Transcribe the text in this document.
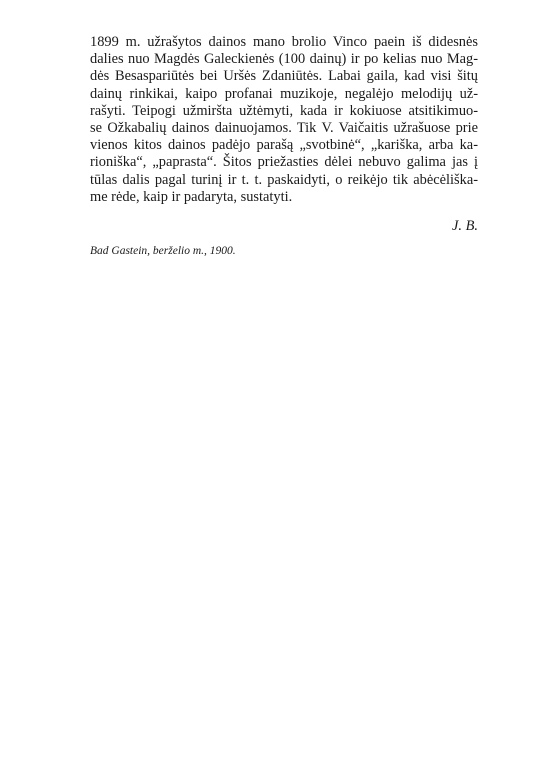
1899 m. užrašytos dainos mano brolio Vinco paein iš didesnės
dalies nuo Magdės Galeckienės (100 dainų) ir po kelias nuo Mag-
dės Besaspariūtės bei Uršės Zdaniūtės. Labai gaila, kad visi šitų
dainų rinkikai, kaipo profanai muzikoje, negalėjo melodijų už-
rašyti. Teipogi užmiršta užtėmyti, kada ir kokiuose atsitikimuo-
se Ožkabalių dainos dainuojamos. Tik V. Vaičaitis užrašuose prie
vienos kitos dainos padėjo parašą „svotbinė“, „kariška, arba ka-
rioniška“, „paprasta“. Šitos priežasties dėlei nebuvo galima jas į
tūlas dalis pagal turinį ir t. t. paskaidyti, o reikėjo tik abėcėliška-
me rėde, kaip ir padaryta, sustatyti.

J. B.

Bad Gastein, berželio m., 1900.
